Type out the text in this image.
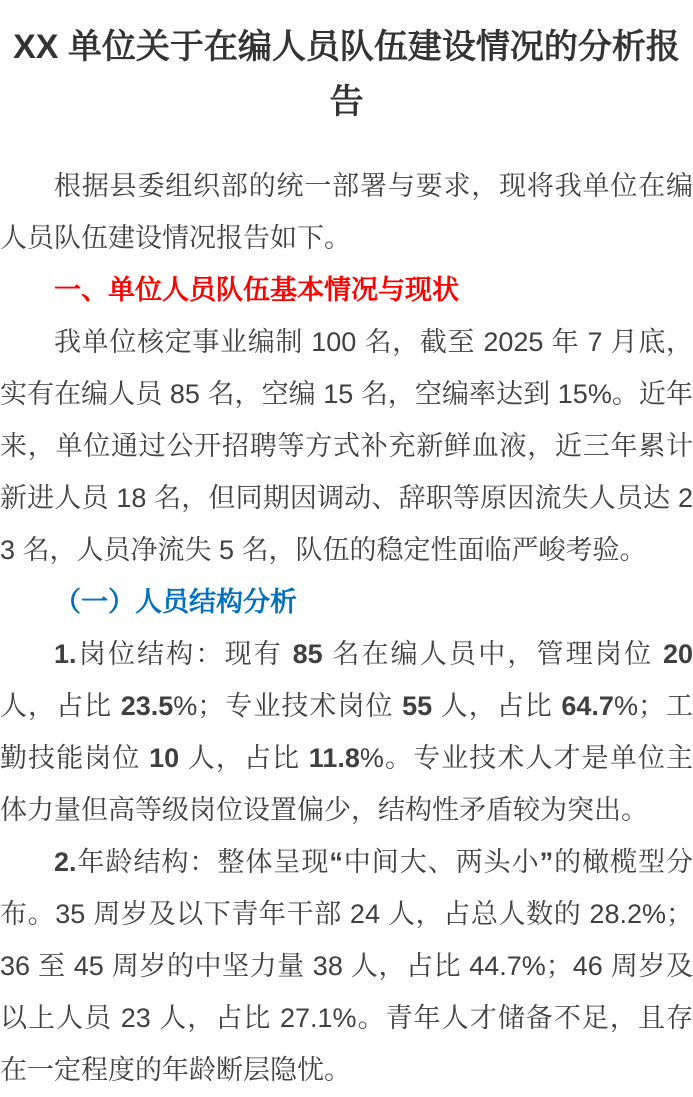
XX 单位关于在编人员队伍建设情况的分析报告

根据县委组织部的统一部署与要求，现将我单位在编人员队伍建设情况报告如下。

一、单位人员队伍基本情况与现状

我单位核定事业编制 100 名，截至 2025 年 7 月底，实有在编人员 85 名，空编 15 名，空编率达到 15%。近年来，单位通过公开招聘等方式补充新鲜血液，近三年累计新进人员 18 名，但同期因调动、辞职等原因流失人员达 23 名，人员净流失 5 名，队伍的稳定性面临严峻考验。

（一）人员结构分析

1.岗位结构：现有 85 名在编人员中，管理岗位 20 人，占比 23.5%；专业技术岗位 55 人，占比 64.7%；工勤技能岗位 10 人，占比 11.8%。专业技术人才是单位主体力量但高等级岗位设置偏少，结构性矛盾较为突出。

2.年龄结构：整体呈现“中间大、两头小”的橄榄型分布。35 周岁及以下青年干部 24 人，占总人数的 28.2%；36 至 45 周岁的中坚力量 38 人，占比 44.7%；46 周岁及以上人员 23 人，占比 27.1%。青年人才储备不足，且存在一定程度的年龄断层隐忧。
